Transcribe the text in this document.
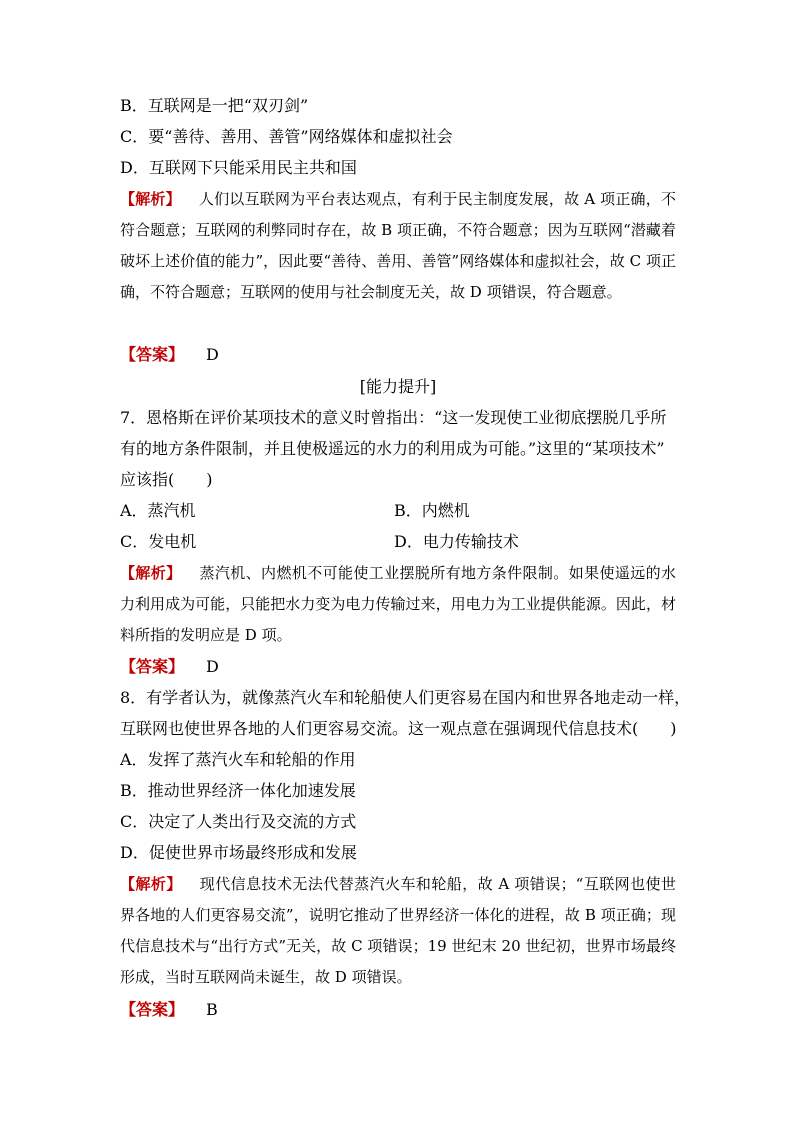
B．互联网是一把“双刃剑”
C．要“善待、善用、善管”网络媒体和虚拟社会
D．互联网下只能采用民主共和国
【解析】 人们以互联网为平台表达观点，有利于民主制度发展，故 A 项正确，不符合题意；互联网的利弊同时存在，故 B 项正确，不符合题意；因为互联网“潜藏着破坏上述价值的能力”，因此要“善待、善用、善管”网络媒体和虚拟社会，故 C 项正确，不符合题意；互联网的使用与社会制度无关，故 D 项错误，符合题意。
【答案】 D
[能力提升]
7．恩格斯在评价某项技术的意义时曾指出：“这一发现使工业彻底摆脱几乎所
有的地方条件限制，并且使极遥远的水力的利用成为可能。”这里的“某项技术”
应该指(　　)
A．蒸汽机	B．内燃机
C．发电机	D．电力传输技术
【解析】 蒸汽机、内燃机不可能使工业摆脱所有地方条件限制。如果使遥远的水力利用成为可能，只能把水力变为电力传输过来，用电力为工业提供能源。因此，材料所指的发明应是 D 项。
【答案】 D
8．有学者认为，就像蒸汽火车和轮船使人们更容易在国内和世界各地走动一样，
互联网也使世界各地的人们更容易交流。这一观点意在强调现代信息技术(　　)
A．发挥了蒸汽火车和轮船的作用
B．推动世界经济一体化加速发展
C．决定了人类出行及交流的方式
D．促使世界市场最终形成和发展
【解析】 现代信息技术无法代替蒸汽火车和轮船，故 A 项错误；“互联网也使世界各地的人们更容易交流”，说明它推动了世界经济一体化的进程，故 B 项正确；现代信息技术与“出行方式”无关，故 C 项错误；19 世纪末 20 世纪初，世界市场最终形成，当时互联网尚未诞生，故 D 项错误。
【答案】 B
